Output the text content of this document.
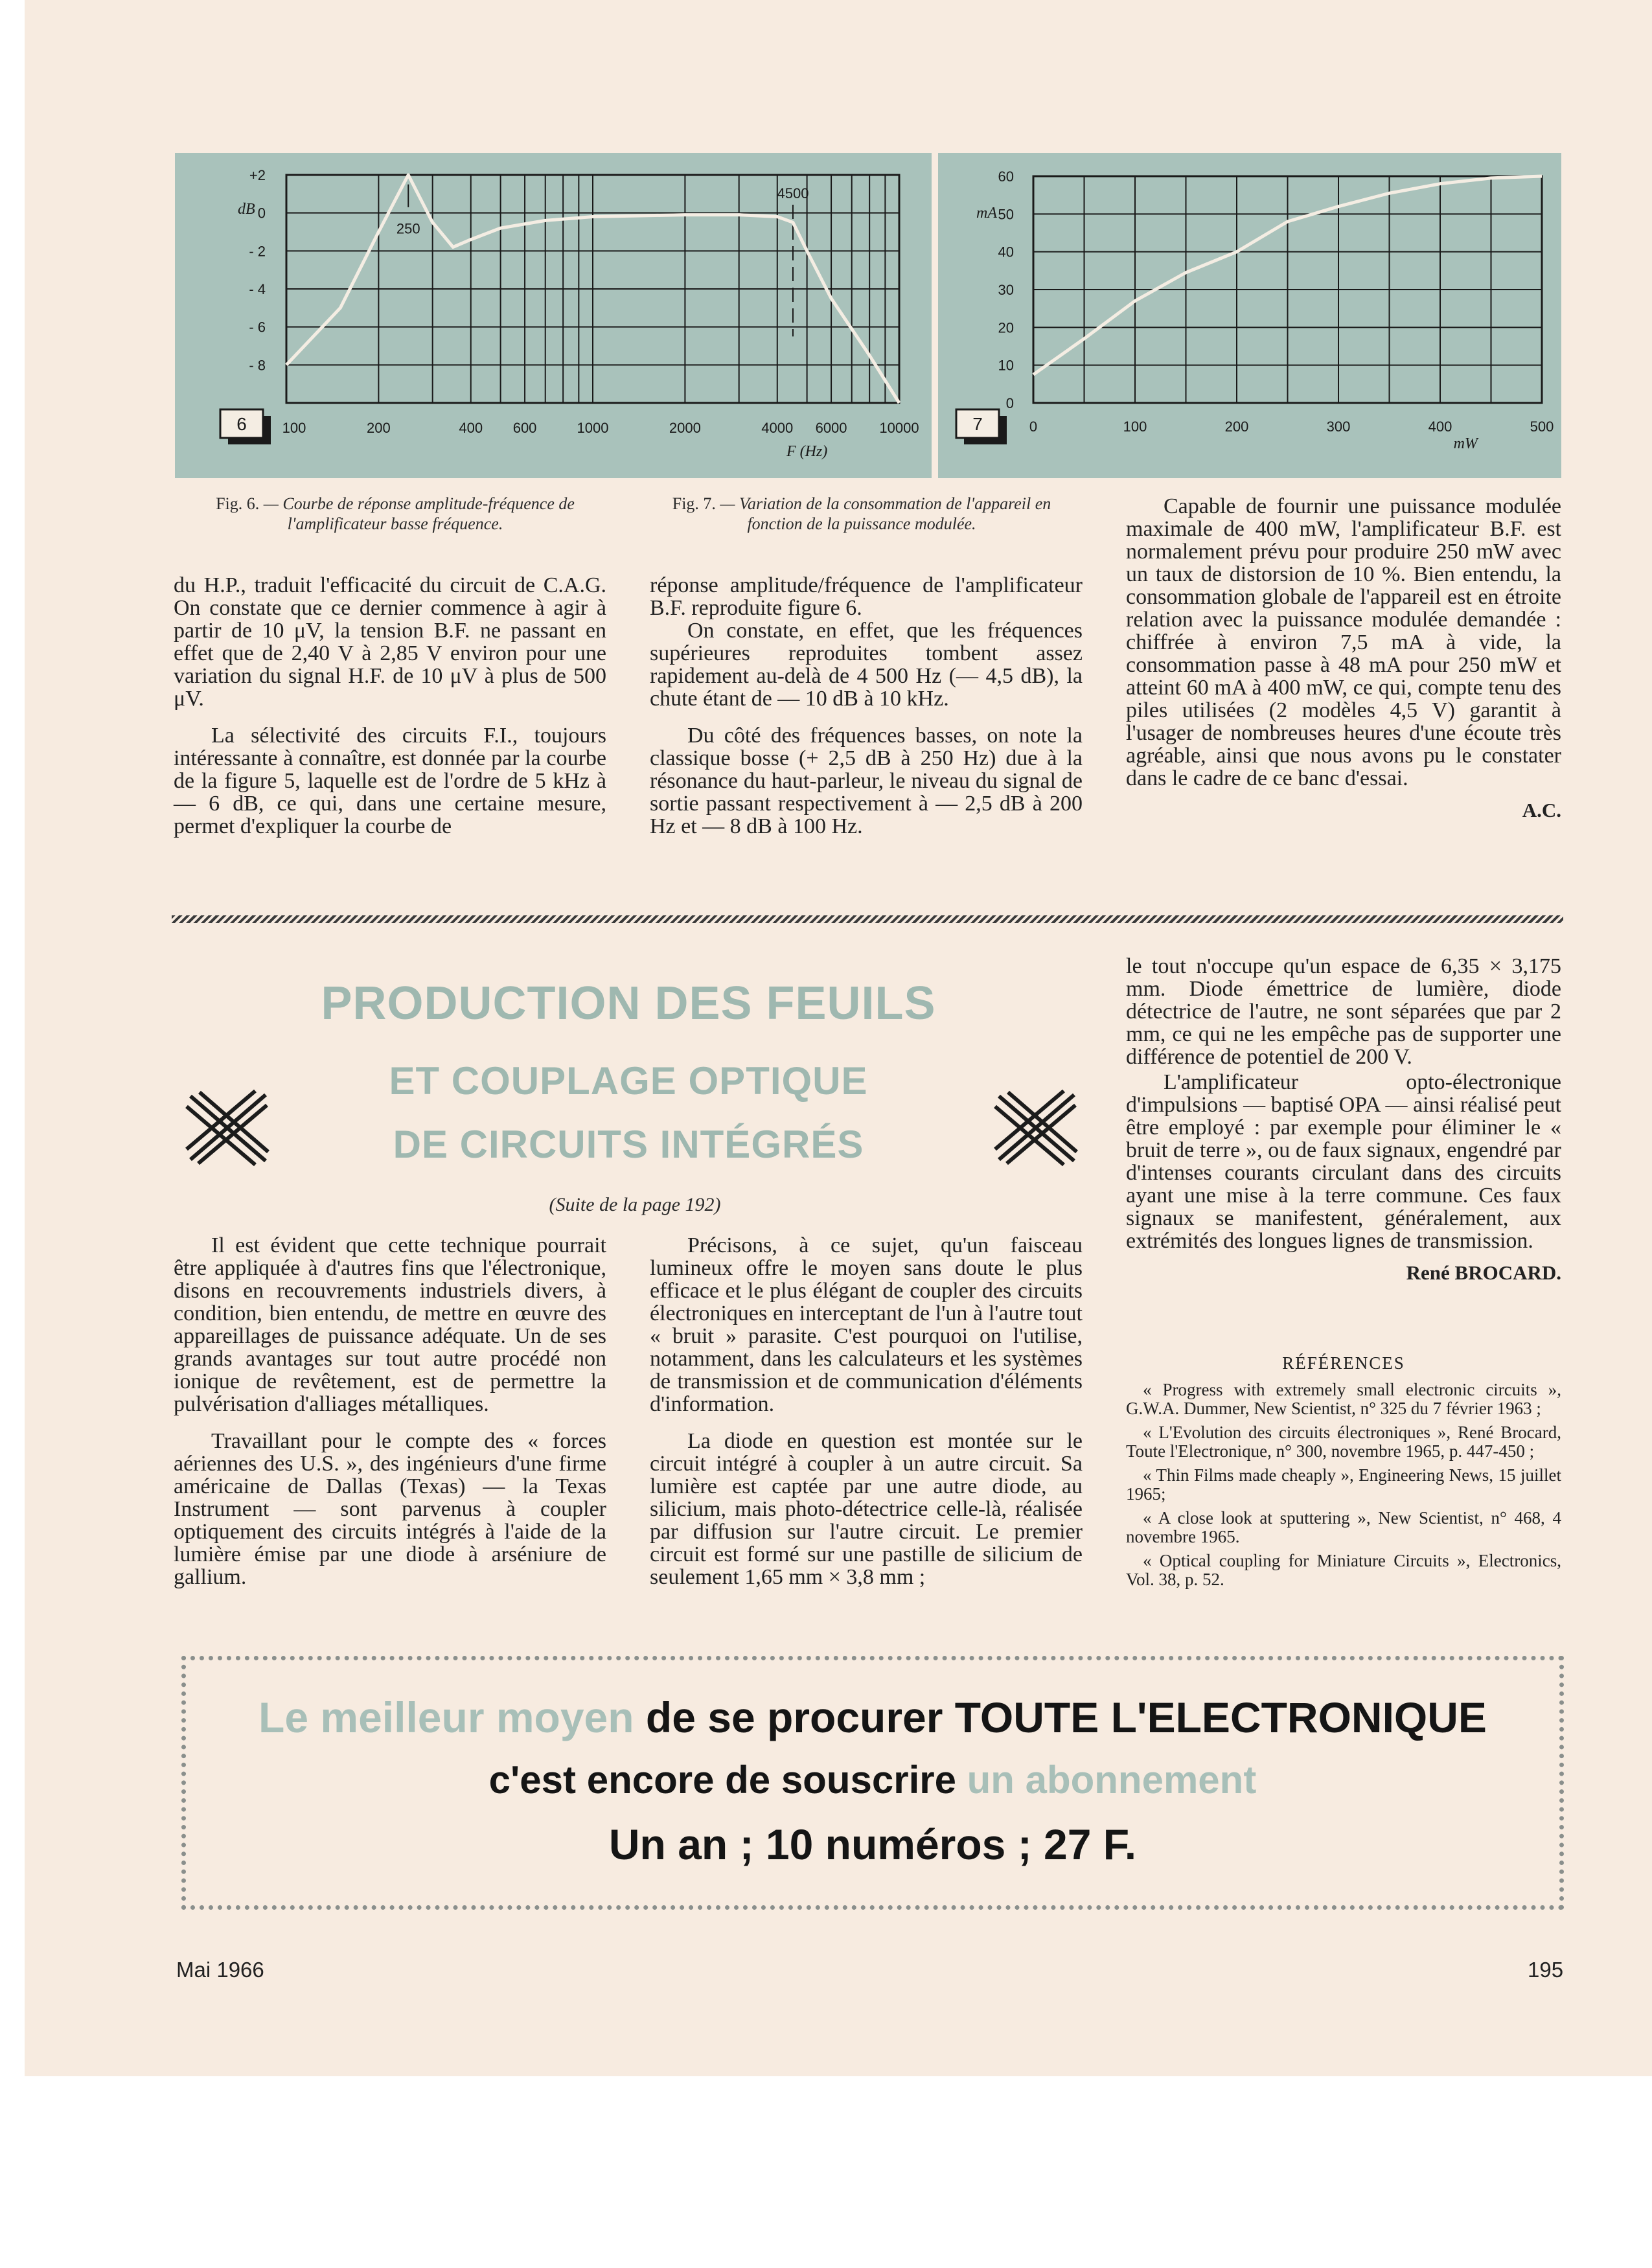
+2
0
- 2
- 4
- 6
- 8
dB
100	200	400 600	1000	2000	4000 6000 10000
F (Hz)
250
4500
6
60
50
40
30
20
10
0
mA
0	100	200	300	400	500
mW
7
Fig. 6. — Courbe de réponse amplitude-fréquence de l'amplificateur basse fréquence.
Fig. 7. — Variation de la consommation de l'appareil en fonction de la puissance modulée.

du H.P., traduit l'efficacité du circuit de C.A.G. On constate que ce dernier commence à agir à partir de 10 μV, la tension B.F. ne passant en effet que de 2,40 V à 2,85 V environ pour une variation du signal H.F. de 10 μV à plus de 500 μV.

La sélectivité des circuits F.I., toujours intéressante à connaître, est donnée par la courbe de la figure 5, laquelle est de l'ordre de 5 kHz à — 6 dB, ce qui, dans une certaine mesure, permet d'expliquer la courbe de

réponse amplitude/fréquence de l'amplificateur B.F. reproduite figure 6.

On constate, en effet, que les fréquences supérieures reproduites tombent assez rapidement au-delà de 4 500 Hz (— 4,5 dB), la chute étant de — 10 dB à 10 kHz.

Du côté des fréquences basses, on note la classique bosse (+ 2,5 dB à 250 Hz) due à la résonance du haut-parleur, le niveau du signal de sortie passant respectivement à — 2,5 dB à 200 Hz et — 8 dB à 100 Hz.

Capable de fournir une puissance modulée maximale de 400 mW, l'amplificateur B.F. est normalement prévu pour produire 250 mW avec un taux de distorsion de 10 %. Bien entendu, la consommation globale de l'appareil est en étroite relation avec la puissance modulée demandée : chiffrée à environ 7,5 mA à vide, la consommation passe à 48 mA pour 250 mW et atteint 60 mA à 400 mW, ce qui, compte tenu des piles utilisées (2 modèles 4,5 V) garantit à l'usager de nombreuses heures d'une écoute très agréable, ainsi que nous avons pu le constater dans le cadre de ce banc d'essai.

A.C.
PRODUCTION DES FEUILS
ET COUPLAGE OPTIQUE
DE CIRCUITS INTÉGRÉS
(Suite de la page 192)

Il est évident que cette technique pourrait être appliquée à d'autres fins que l'électronique, disons en recouvrements industriels divers, à condition, bien entendu, de mettre en œuvre des appareillages de puissance adéquate. Un de ses grands avantages sur tout autre procédé non ionique de revêtement, est de permettre la pulvérisation d'alliages métalliques.

Travaillant pour le compte des « forces aériennes des U.S. », des ingénieurs d'une firme américaine de Dallas (Texas) — la Texas Instrument — sont parvenus à coupler optiquement des circuits intégrés à l'aide de la lumière émise par une diode à arséniure de gallium.

Précisons, à ce sujet, qu'un faisceau lumineux offre le moyen sans doute le plus efficace et le plus élégant de coupler des circuits électroniques en interceptant de l'un à l'autre tout « bruit » parasite. C'est pourquoi on l'utilise, notamment, dans les calculateurs et les systèmes de transmission et de communication d'éléments d'information.

La diode en question est montée sur le circuit intégré à coupler à un autre circuit. Sa lumière est captée par une autre diode, au silicium, mais photo-détectrice celle-là, réalisée par diffusion sur l'autre circuit. Le premier circuit est formé sur une pastille de silicium de seulement 1,65 mm × 3,8 mm ;

le tout n'occupe qu'un espace de 6,35 × 3,175 mm. Diode émettrice de lumière, diode détectrice de l'autre, ne sont séparées que par 2 mm, ce qui ne les empêche pas de supporter une différence de potentiel de 200 V.

L'amplificateur opto-électronique d'impulsions — baptisé OPA — ainsi réalisé peut être employé : par exemple pour éliminer le « bruit de terre », ou de faux signaux, engendré par d'intenses courants circulant dans des circuits ayant une mise à la terre commune. Ces faux signaux se manifestent, généralement, aux extrémités des longues lignes de transmission.

René BROCARD.

RÉFÉRENCES

« Progress with extremely small electronic circuits », G.W.A. Dummer, New Scientist, n° 325 du 7 février 1963 ;

« L'Evolution des circuits électroniques », René Brocard, Toute l'Electronique, n° 300, novembre 1965, p. 447-450 ;

« Thin Films made cheaply », Engineering News, 15 juillet 1965;

« A close look at sputtering », New Scientist, n° 468, 4 novembre 1965.

« Optical coupling for Miniature Circuits », Electronics, Vol. 38, p. 52.

Le meilleur moyen de se procurer TOUTE L'ELECTRONIQUE
c'est encore de souscrire un abonnement
Un an ; 10 numéros ; 27 F.
Mai 1966	195
